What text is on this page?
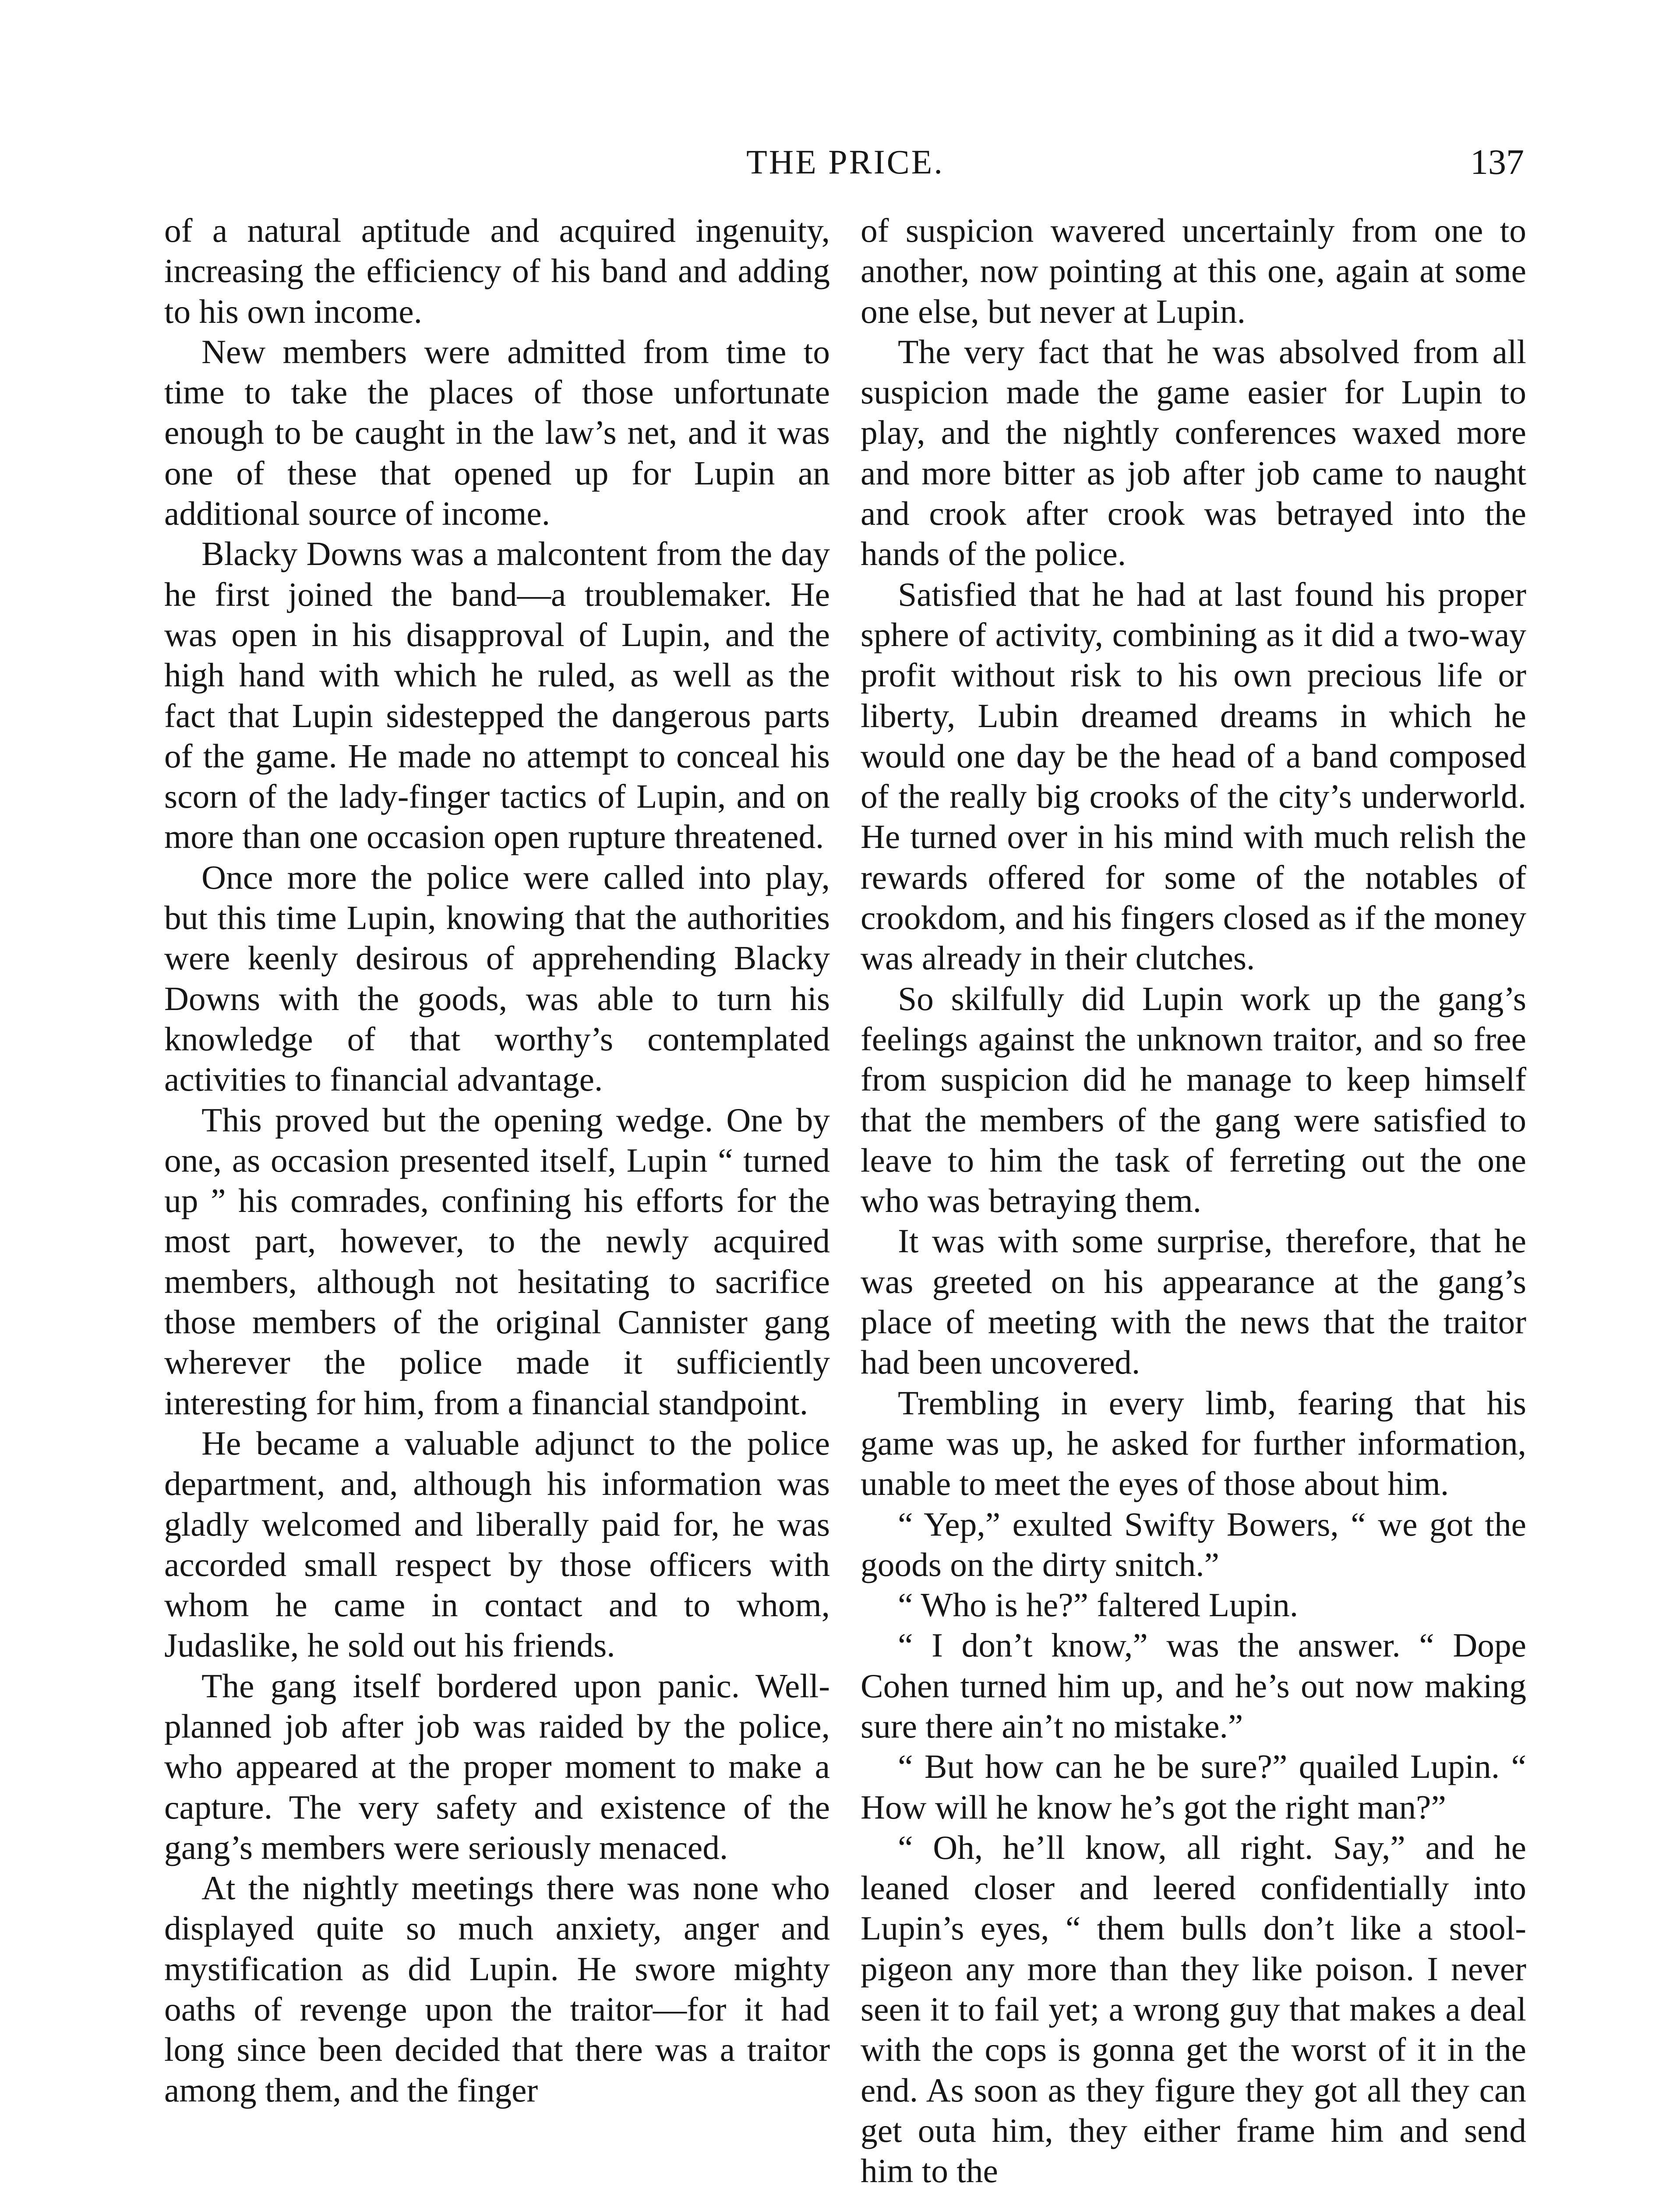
THE PRICE.	137

of a natural aptitude and acquired ingenuity, increasing the efficiency of his band and adding to his own income.

New members were admitted from time to time to take the places of those unfortunate enough to be caught in the law’s net, and it was one of these that opened up for Lupin an additional source of income.

Blacky Downs was a malcontent from the day he first joined the band—a troublemaker. He was open in his disapproval of Lupin, and the high hand with which he ruled, as well as the fact that Lupin sidestepped the dangerous parts of the game. He made no attempt to conceal his scorn of the lady-finger tactics of Lupin, and on more than one occasion open rupture threatened.

Once more the police were called into play, but this time Lupin, knowing that the authorities were keenly desirous of apprehending Blacky Downs with the goods, was able to turn his knowledge of that worthy’s contemplated activities to financial advantage.

This proved but the opening wedge. One by one, as occasion presented itself, Lupin “ turned up ” his comrades, confining his efforts for the most part, however, to the newly acquired members, although not hesitating to sacrifice those members of the original Cannister gang wherever the police made it sufficiently interesting for him, from a financial standpoint.

He became a valuable adjunct to the police department, and, although his information was gladly welcomed and liberally paid for, he was accorded small respect by those officers with whom he came in contact and to whom, Judaslike, he sold out his friends.

The gang itself bordered upon panic. Well-planned job after job was raided by the police, who appeared at the proper moment to make a capture. The very safety and existence of the gang’s members were seriously menaced.

At the nightly meetings there was none who displayed quite so much anxiety, anger and mystification as did Lupin. He swore mighty oaths of revenge upon the traitor—for it had long since been decided that there was a traitor among them, and the finger

of suspicion wavered uncertainly from one to another, now pointing at this one, again at some one else, but never at Lupin.

The very fact that he was absolved from all suspicion made the game easier for Lupin to play, and the nightly conferences waxed more and more bitter as job after job came to naught and crook after crook was betrayed into the hands of the police.

Satisfied that he had at last found his proper sphere of activity, combining as it did a two-way profit without risk to his own precious life or liberty, Lubin dreamed dreams in which he would one day be the head of a band composed of the really big crooks of the city’s underworld. He turned over in his mind with much relish the rewards offered for some of the notables of crookdom, and his fingers closed as if the money was already in their clutches.

So skilfully did Lupin work up the gang’s feelings against the unknown traitor, and so free from suspicion did he manage to keep himself that the members of the gang were satisfied to leave to him the task of ferreting out the one who was betraying them.

It was with some surprise, therefore, that he was greeted on his appearance at the gang’s place of meeting with the news that the traitor had been uncovered.

Trembling in every limb, fearing that his game was up, he asked for further information, unable to meet the eyes of those about him.

“ Yep,” exulted Swifty Bowers, “ we got the goods on the dirty snitch.”

“ Who is he?” faltered Lupin.

“ I don’t know,” was the answer. “ Dope Cohen turned him up, and he’s out now making sure there ain’t no mistake.”

“ But how can he be sure?” quailed Lupin. “ How will he know he’s got the right man?”

“ Oh, he’ll know, all right. Say,” and he leaned closer and leered confidentially into Lupin’s eyes, “ them bulls don’t like a stool-pigeon any more than they like poison. I never seen it to fail yet; a wrong guy that makes a deal with the cops is gonna get the worst of it in the end. As soon as they figure they got all they can get outa him, they either frame him and send him to the
